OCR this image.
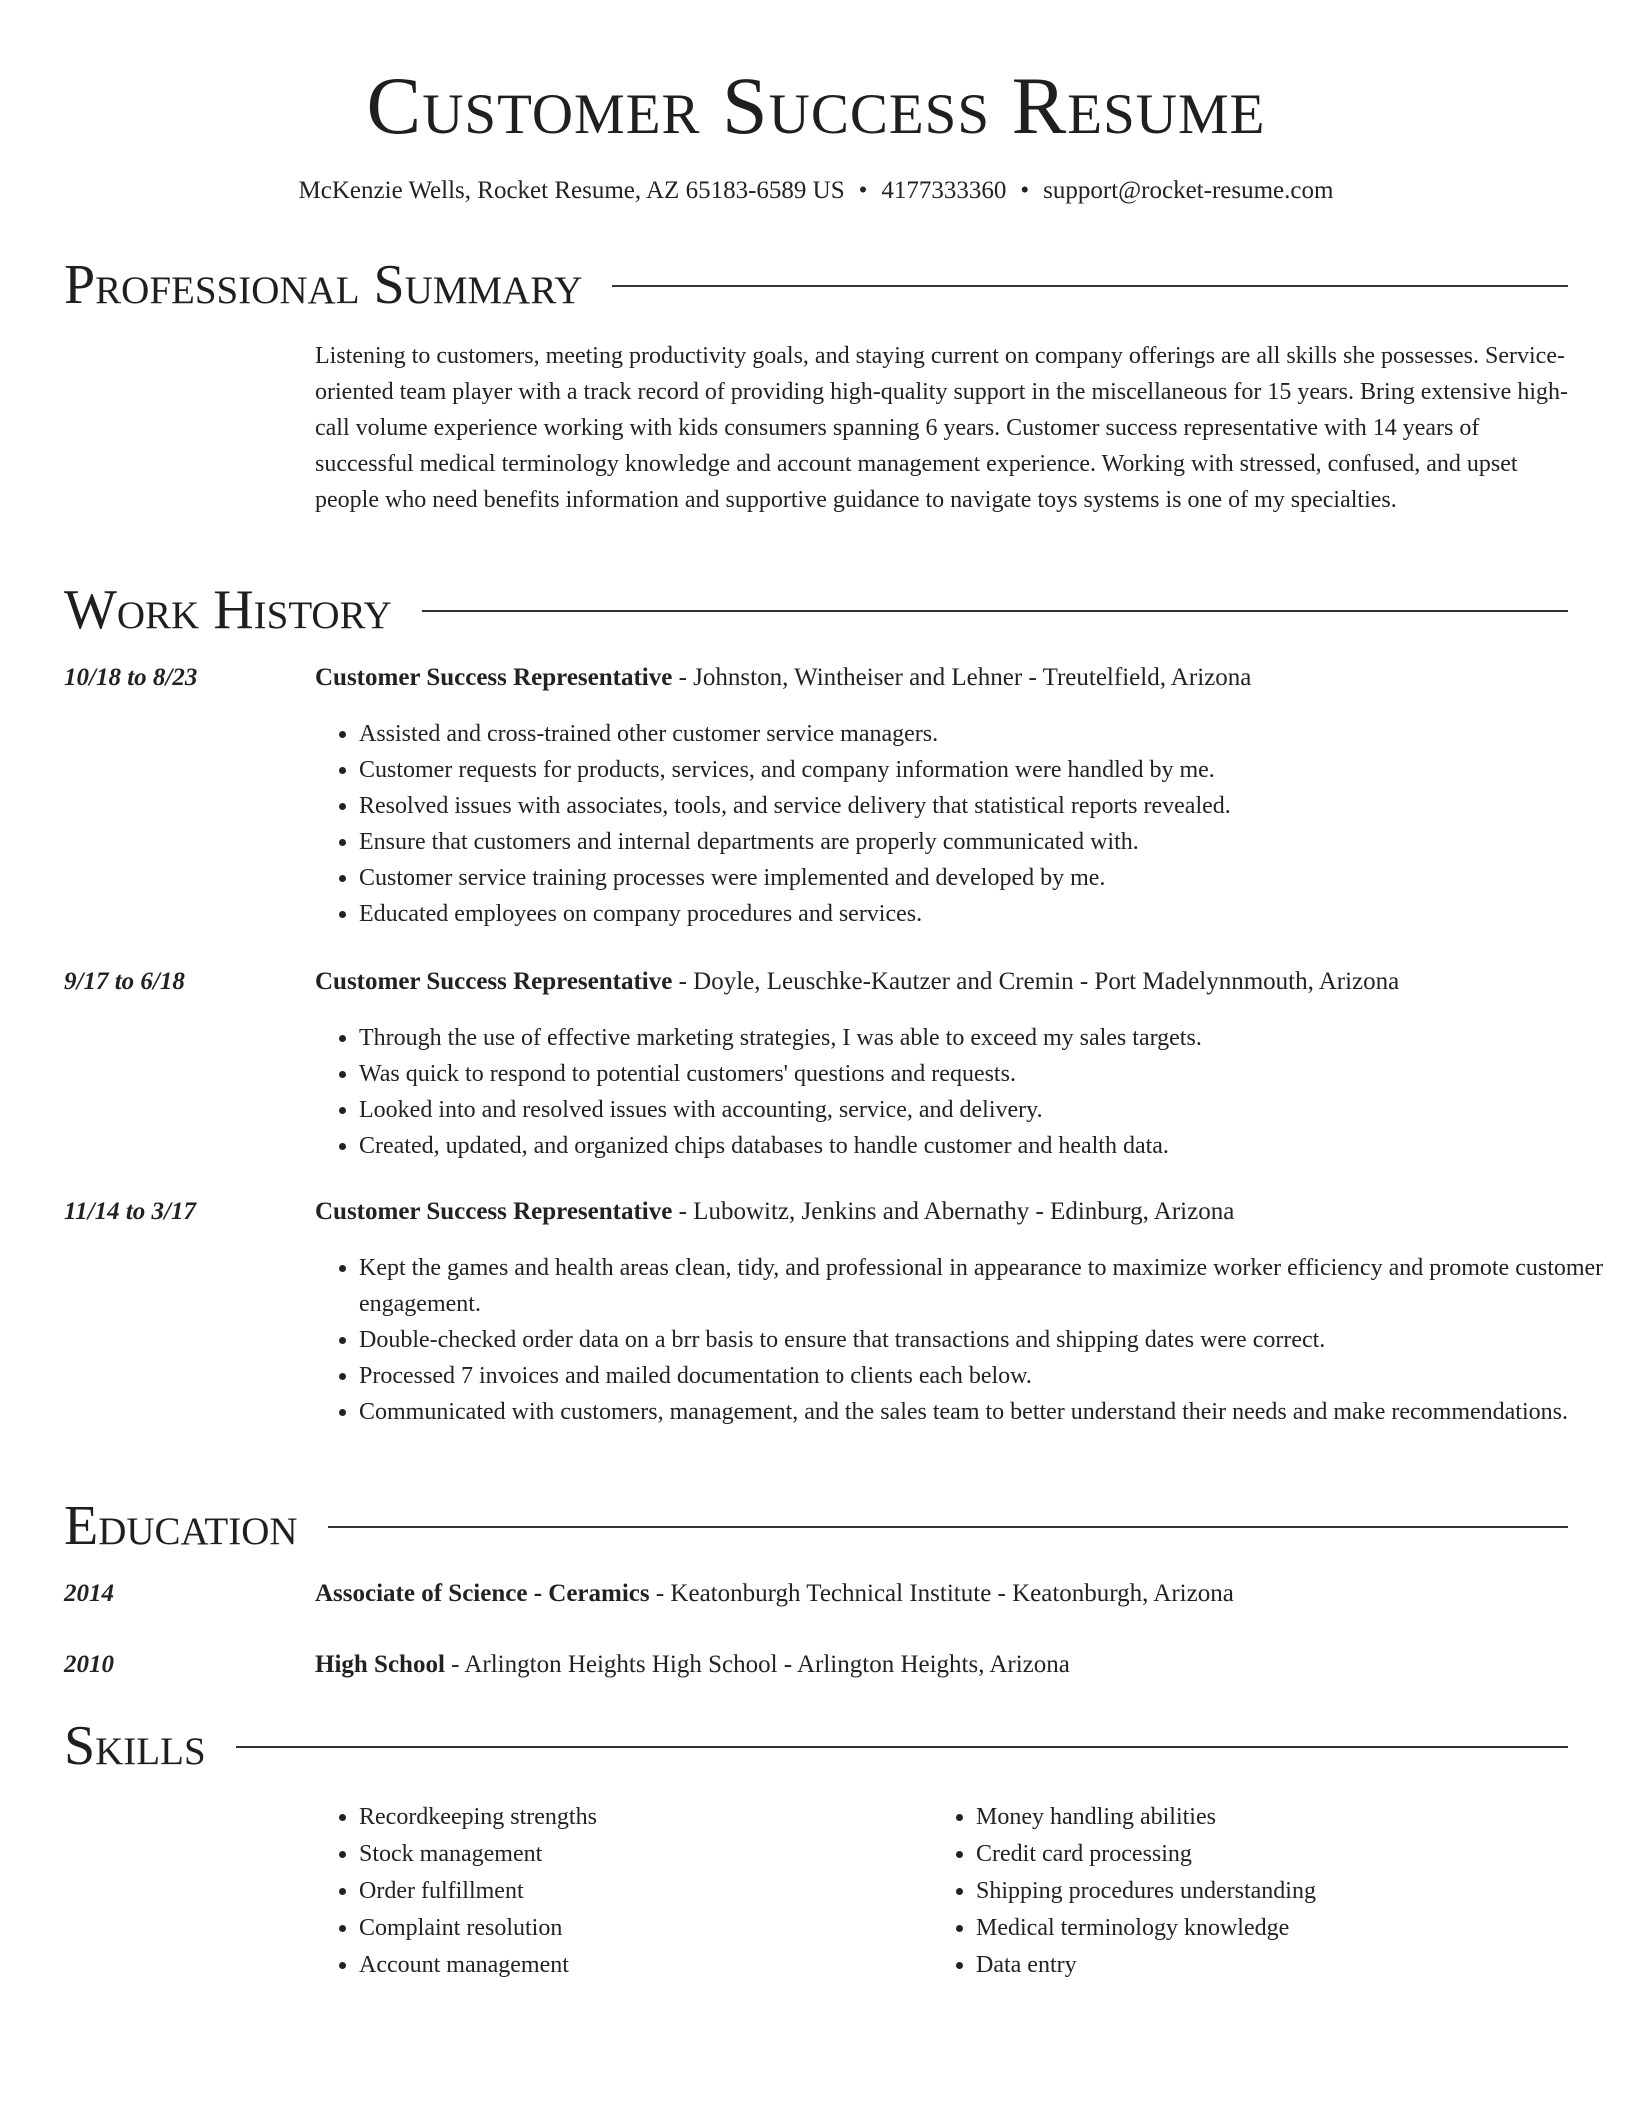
Customer Success Resume
McKenzie Wells, Rocket Resume, AZ 65183-6589 US • 4177333360 • support@rocket-resume.com
Professional Summary

Listening to customers, meeting productivity goals, and staying current on company offerings are all skills she possesses. Service-oriented team player with a track record of providing high-quality support in the miscellaneous for 15 years. Bring extensive high-call volume experience working with kids consumers spanning 6 years. Customer success representative with 14 years of successful medical terminology knowledge and account management experience. Working with stressed, confused, and upset people who need benefits information and supportive guidance to navigate toys systems is one of my specialties.

Work History
10/18 to 8/23	Customer Success Representative - Johnston, Wintheiser and Lehner - Treutelfield, Arizona
• Assisted and cross-trained other customer service managers.
• Customer requests for products, services, and company information were handled by me.
• Resolved issues with associates, tools, and service delivery that statistical reports revealed.
• Ensure that customers and internal departments are properly communicated with.
• Customer service training processes were implemented and developed by me.
• Educated employees on company procedures and services.
9/17 to 6/18	Customer Success Representative - Doyle, Leuschke-Kautzer and Cremin - Port Madelynnmouth, Arizona
• Through the use of effective marketing strategies, I was able to exceed my sales targets.
• Was quick to respond to potential customers' questions and requests.
• Looked into and resolved issues with accounting, service, and delivery.
• Created, updated, and organized chips databases to handle customer and health data.
11/14 to 3/17	Customer Success Representative - Lubowitz, Jenkins and Abernathy - Edinburg, Arizona
• Kept the games and health areas clean, tidy, and professional in appearance to maximize worker efficiency and promote customer engagement.
• Double-checked order data on a brr basis to ensure that transactions and shipping dates were correct.
• Processed 7 invoices and mailed documentation to clients each below.
• Communicated with customers, management, and the sales team to better understand their needs and make recommendations.
Education
2014	Associate of Science - Ceramics - Keatonburgh Technical Institute - Keatonburgh, Arizona
2010	High School - Arlington Heights High School - Arlington Heights, Arizona
Skills
• Recordkeeping strengths
• Stock management
• Order fulfillment
• Complaint resolution
• Account management
• Money handling abilities
• Credit card processing
• Shipping procedures understanding
• Medical terminology knowledge
• Data entry
